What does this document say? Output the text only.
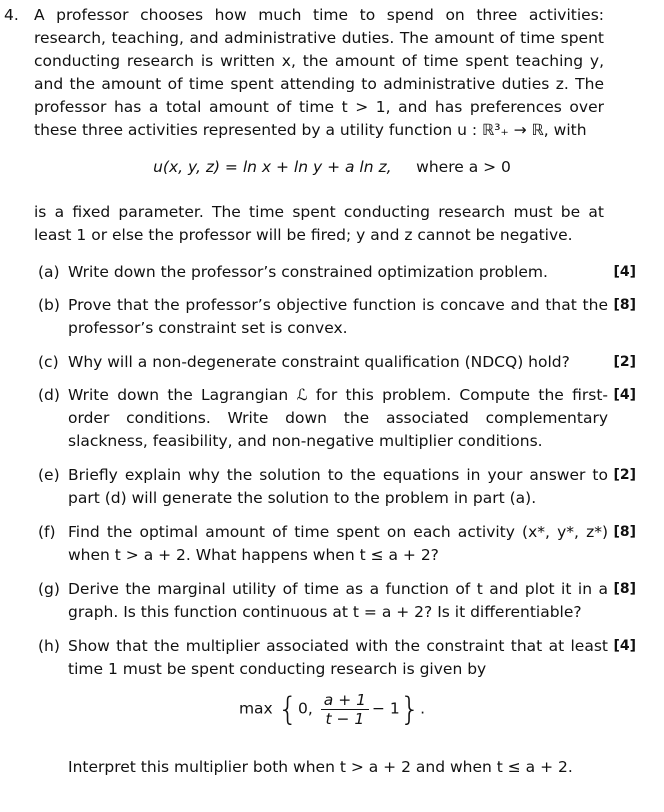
4. A professor chooses how much time to spend on three activities: research, teaching, and administrative duties. The amount of time spent conducting research is written x, the amount of time spent teaching y, and the amount of time spent attending to administrative duties z. The professor has a total amount of time t > 1, and has preferences over these three activities represented by a utility function u : ℝ³₊ → ℝ, with
u(x, y, z) = ln x + ln y + a ln z, where a > 0
is a fixed parameter. The time spent conducting research must be at least 1 or else the professor will be fired; y and z cannot be negative.
(a) Write down the professor’s constrained optimization problem.	[4]
(b) Prove that the professor’s objective function is concave and that the professor’s constraint set is convex.
[8]
(c) Why will a non-degenerate constraint qualification (NDCQ) hold?	[2]
(d) Write down the Lagrangian ℒ for this problem. Compute the first-order conditions. Write down the associated complementary slackness, feasibility, and non-negative multiplier conditions.
[4]
(e) Briefly explain why the solution to the equations in your answer to part (d) will generate the solution to the problem in part (a).
[2]
(f) Find the optimal amount of time spent on each activity (x*, y*, z*) when t > a + 2. What happens when t ≤ a + 2?
[8]
(g) Derive the marginal utility of time as a function of t and plot it in a graph. Is this function continuous at t = a + 2? Is it differentiable?
[8]
(h) Show that the multiplier associated with the constraint that at least time 1 must be spent conducting research is given by
[4]
max {0, $\frac{a + 1}{t - 1} - 1$}.
Interpret this multiplier both when t > a + 2 and when t ≤ a + 2.
